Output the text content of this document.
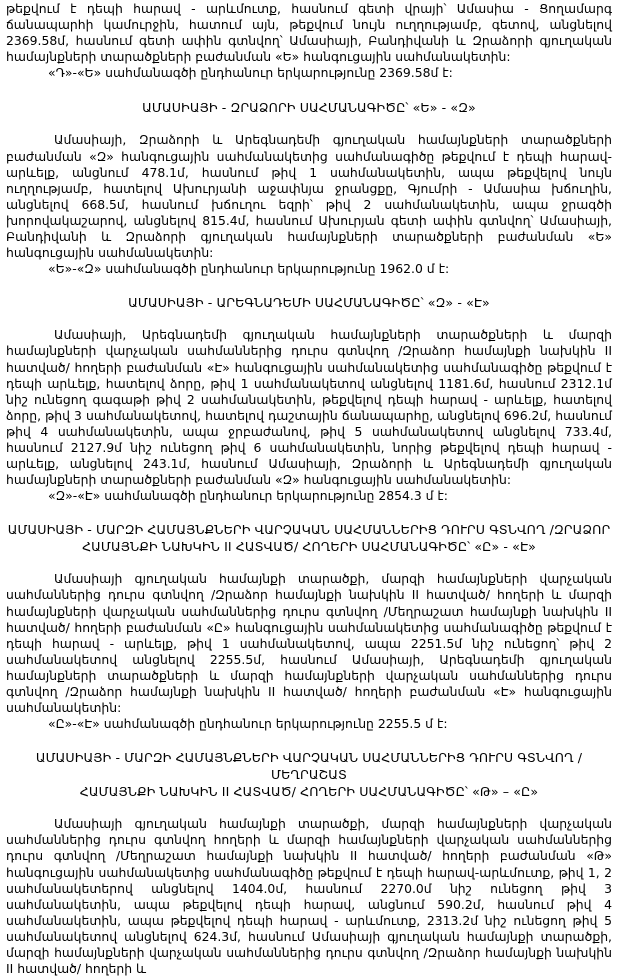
թեքվում է դեպի հարավ - արևմուտք, հասնում գետի վրայի՝ Ամասիա - Ցողամարգ ճանապարհի կամուրջին, հատում այն, թեքվում նույն ուղղությամբ, գետով, անցնելով 2369.58մ, հասնում գետի ափին գտնվող՝ Ամասիայի, Բանդիվանի և Զրաձորի գյուղական համայնքների տարածքների բաժանման «Ե» հանգուցային սահմանակետին:

«Դ»-«Ե» սահմանագծի ընդհանուր երկարությունը 2369.58մ է:

ԱՄԱՍԻԱՅԻ - ԶՐԱՁՈՐԻ ՍԱՀՄԱՆԱԳԻԾԸ՝ «Ե» - «Զ»

Ամասիայի, Զրաձորի և Արեգնադեմի գյուղական համայնքների տարածքների բաժանման «Զ» հանգուցային սահմանակետից սահմանագիծը թեքվում է դեպի հարավ-արևելք, անցնում 478.1մ, հասնում թիվ 1 սահմանակետին, ապա թեքվելով նույն ուղղությամբ, հատելով Ախուրյանի աջափնյա ջրանցքը, Գյումրի - Ամասիա խճուղին, անցնելով 668.5մ, հասնում խճուղու եզրի՝ թիվ 2 սահմանակետին, ապա ջրագծի խորովակաշարով, անցնելով 815.4մ, հասնում Ախուրյան գետի ափին գտնվող՝ Ամասիայի, Բանդիվանի և Զրաձորի գյուղական համայնքների տարածքների բաժանման «Ե» հանգուցային սահմանակետին:

«Ե»-«Զ» սահմանագծի ընդհանուր երկարությունը 1962.0 մ է:

ԱՄԱՍԻԱՅԻ - ԱՐԵԳՆԱԴԵՄԻ ՍԱՀՄԱՆԱԳԻԾԸ՝ «Զ» - «Է»

Ամասիայի, Արեգնադեմի գյուղական համայնքների տարածքների և մարզի համայնքների վարչական սահմաններից դուրս գտնվող /Զրաձոր համայնքի նախկին II հատված/ հողերի բաժանման «Է» հանգուցային սահմանակետից սահմանագիծը թեքվում է դեպի արևելք, հատելով ձորը, թիվ 1 սահմանակետով անցնելով 1181.6մ, հասնում 2312.1մ նիշ ունեցող գագաթի թիվ 2 սահմանակետին, թեքվելով դեպի հարավ - արևելք, հատելով ձորը, թիվ 3 սահմանակետով, հատելով դաշտային ճանապարհը, անցնելով 696.2մ, հասնում թիվ 4 սահմանակետին, ապա ջրբաժանով, թիվ 5 սահմանակետով անցնելով 733.4մ, հասնում 2127.9մ նիշ ունեցող թիվ 6 սահմանակետին, նորից թեքվելով դեպի հարավ - արևելք, անցնելով 243.1մ, հասնում Ամասիայի, Զրաձորի և Արեգնադեմի գյուղական համայնքների տարածքների բաժանման «Զ» հանգուցային սահմանակետին:

«Զ»-«Է» սահմանագծի ընդհանուր երկարությունը 2854.3 մ է:

ԱՄԱՍԻԱՅԻ - ՄԱՐԶԻ ՀԱՄԱՅՆՔՆԵՐԻ ՎԱՐՉԱԿԱՆ ՍԱՀՄԱՆՆԵՐԻՑ ԴՈՒՐՍ ԳՏՆՎՈՂ /ԶՐԱՁՈՐ

ՀԱՄԱՅՆՔԻ ՆԱԽԿԻՆ II ՀԱՏՎԱԾ/ ՀՈՂԵՐԻ ՍԱՀՄԱՆԱԳԻԾԸ՝ «Ը» - «Է»

Ամասիայի գյուղական համայնքի տարածքի, մարզի համայնքների վարչական սահմաններից դուրս գտնվող /Զրաձոր համայնքի նախկին II հատված/ հողերի և մարզի համայնքների վարչական սահմաններից դուրս գտնվող /Մեղրաշատ համայնքի նախկին II հատված/ հողերի բաժանման «Ը» հանգուցային սահմանակետից սահմանագիծը թեքվում է դեպի հարավ - արևելք, թիվ 1 սահմանակետով, ապա 2251.5մ նիշ ունեցող՝ թիվ 2 սահմանակետով անցնելով 2255.5մ, հասնում Ամասիայի, Արեգնադեմի գյուղական համայնքների տարածքների և մարզի համայնքների վարչական սահմաններից դուրս գտնվող /Զրաձոր համայնքի նախկին II հատված/ հողերի բաժանման «Է» հանգուցային սահմանակետին:

«Ը»-«Է» սահմանագծի ընդհանուր երկարությունը 2255.5 մ է:

ԱՄԱՍԻԱՅԻ - ՄԱՐԶԻ ՀԱՄԱՅՆՔՆԵՐԻ ՎԱՐՉԱԿԱՆ ՍԱՀՄԱՆՆԵՐԻՑ ԴՈՒՐՍ ԳՏՆՎՈՂ /ՄԵՂՐԱՇԱՏ

ՀԱՄԱՅՆՔԻ ՆԱԽԿԻՆ II ՀԱՏՎԱԾ/ ՀՈՂԵՐԻ ՍԱՀՄԱՆԱԳԻԾԸ՝ «Թ» – «Ը»

Ամասիայի գյուղական համայնքի տարածքի, մարզի համայնքների վարչական սահմաններից դուրս գտնվող հողերի և մարզի համայնքների վարչական սահմաններից դուրս գտնվող /Մեղրաշատ համայնքի նախկին II հատված/ հողերի բաժանման «Թ» հանգուցային սահմանակետից սահմանագիծը թեքվում է դեպի հարավ-արևմուտք, թիվ 1, 2 սահմանակետերով անցնելով 1404.0մ, հասնում 2270.0մ նիշ ունեցող թիվ 3 սահմանակետին, ապա թեքվելով դեպի հարավ, անցնում 590.2մ, հասնում թիվ 4 սահմանակետին, ապա թեքվելով դեպի հարավ - արևմուտք, 2313.2մ նիշ ունեցող թիվ 5 սահմանակետով անցնելով 624.3մ, հասնում Ամասիայի գյուղական համայնքի տարածքի, մարզի համայնքների վարչական սահմաններից դուրս գտնվող /Զրաձոր համայնքի նախկին II հատված/ հողերի և
